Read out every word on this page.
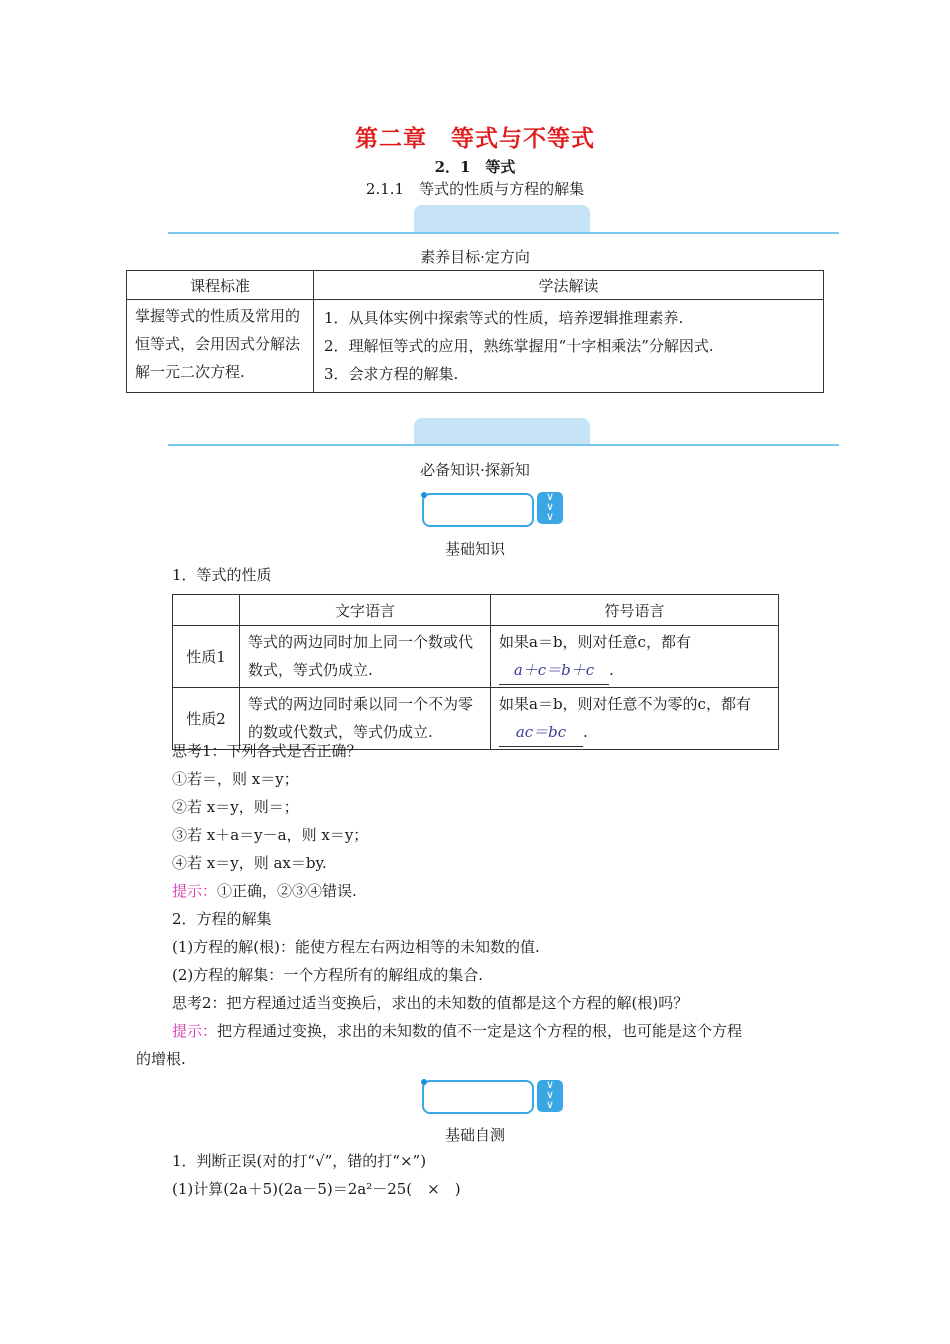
第二章　等式与不等式
2．1　等式
2.1.1　等式的性质与方程的解集
素养目标·定方向
课程标准	学法解读
掌握等式的性质及常用的恒等式，会用因式分解法解一元二次方程.	1．从具体实例中探索等式的性质，培养逻辑推理素养.
2．理解恒等式的应用，熟练掌握用“十字相乘法”分解因式.
3．会求方程的解集.
必备知识·探新知
∨
∨
∨
基础知识
1．等式的性质
	文字语言	符号语言
性质1	等式的两边同时加上同一个数或代数式，等式仍成立.	如果a＝b，则对任意c，都有a＋c＝b＋c .
性质2	等式的两边同时乘以同一个不为零的数或代数式，等式仍成立.	如果a＝b，则对任意不为零的c，都有ac＝bc .
思考1：下列各式是否正确？
①若＝，则 x＝y；
②若 x＝y，则＝；
③若 x＋a＝y－a，则 x＝y；
④若 x＝y，则 ax＝by.
提示：①正确，②③④错误.
2．方程的解集
(1)方程的解(根)：能使方程左右两边相等的未知数的值.
(2)方程的解集：一个方程所有的解组成的集合.
思考2：把方程通过适当变换后，求出的未知数的值都是这个方程的解(根)吗？
提示：把方程通过变换，求出的未知数的值不一定是这个方程的根，也可能是这个方程
的增根.
∨
∨
∨
基础自测
1．判断正误(对的打“√”，错的打“×”)
(1)计算(2a＋5)(2a－5)＝2a²－25(　×　)
